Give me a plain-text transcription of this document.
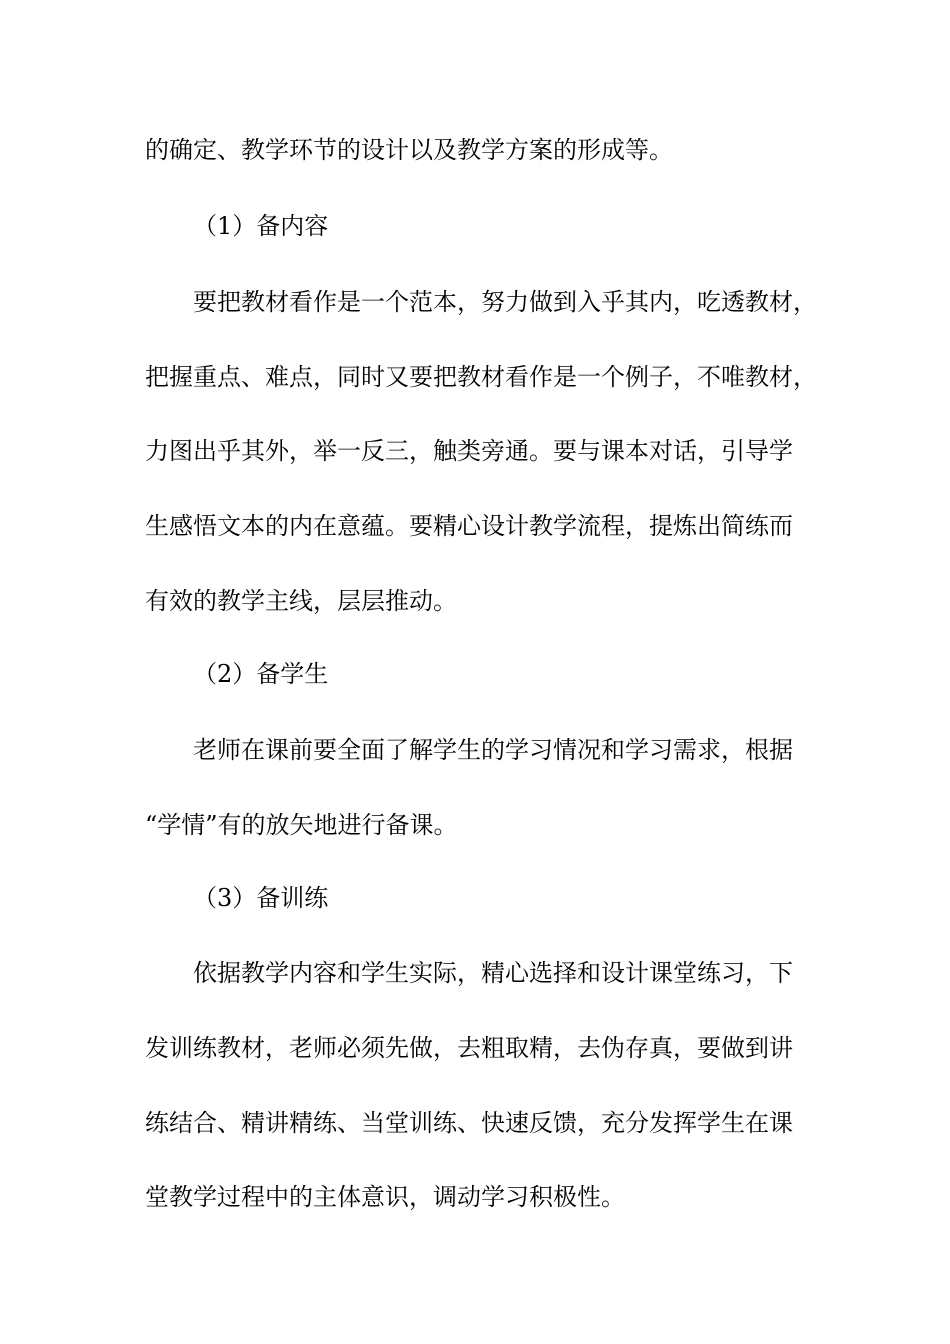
的确定、教学环节的设计以及教学方案的形成等。

（1）备内容

要把教材看作是一个范本，努力做到入乎其内，吃透教材，

把握重点、难点，同时又要把教材看作是一个例子，不唯教材，

力图出乎其外，举一反三，触类旁通。要与课本对话，引导学

生感悟文本的内在意蕴。要精心设计教学流程，提炼出简练而

有效的教学主线，层层推动。

（2）备学生

老师在课前要全面了解学生的学习情况和学习需求，根据

“学情”有的放矢地进行备课。

（3）备训练

依据教学内容和学生实际，精心选择和设计课堂练习，下

发训练教材，老师必须先做，去粗取精，去伪存真，要做到讲

练结合、精讲精练、当堂训练、快速反馈，充分发挥学生在课

堂教学过程中的主体意识，调动学习积极性。
